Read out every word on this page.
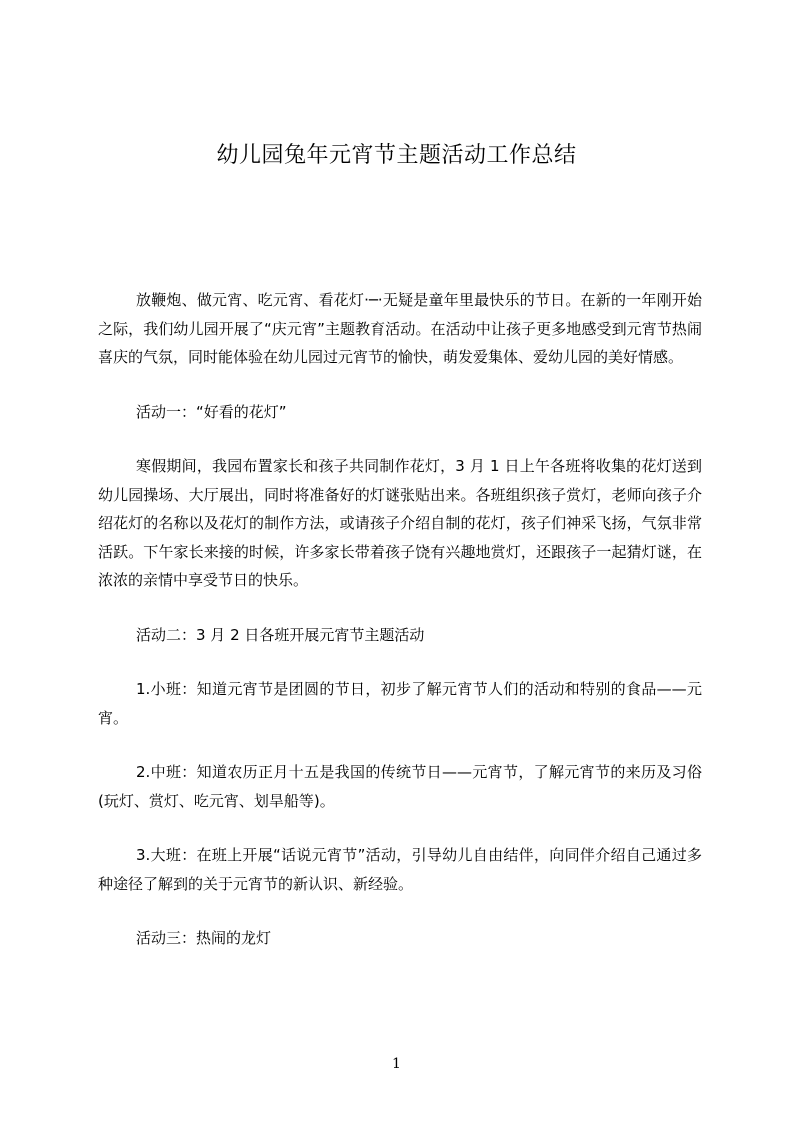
幼儿园兔年元宵节主题活动工作总结

放鞭炮、做元宵、吃元宵、看花灯·─·无疑是童年里最快乐的节日。在新的一年刚开始之际，我们幼儿园开展了“庆元宵”主题教育活动。在活动中让孩子更多地感受到元宵节热闹喜庆的气氛，同时能体验在幼儿园过元宵节的愉快，萌发爱集体、爱幼儿园的美好情感。

活动一：“好看的花灯”

寒假期间，我园布置家长和孩子共同制作花灯，3 月 1 日上午各班将收集的花灯送到幼儿园操场、大厅展出，同时将准备好的灯谜张贴出来。各班组织孩子赏灯，老师向孩子介绍花灯的名称以及花灯的制作方法，或请孩子介绍自制的花灯，孩子们神采飞扬，气氛非常活跃。下午家长来接的时候，许多家长带着孩子饶有兴趣地赏灯，还跟孩子一起猜灯谜，在浓浓的亲情中享受节日的快乐。

活动二：3 月 2 日各班开展元宵节主题活动

1.小班：知道元宵节是团圆的节日，初步了解元宵节人们的活动和特别的食品——元宵。

2.中班：知道农历正月十五是我国的传统节日——元宵节，了解元宵节的来历及习俗(玩灯、赏灯、吃元宵、划旱船等)。

3.大班：在班上开展“话说元宵节”活动，引导幼儿自由结伴，向同伴介绍自己通过多种途径了解到的关于元宵节的新认识、新经验。

活动三：热闹的龙灯

1
